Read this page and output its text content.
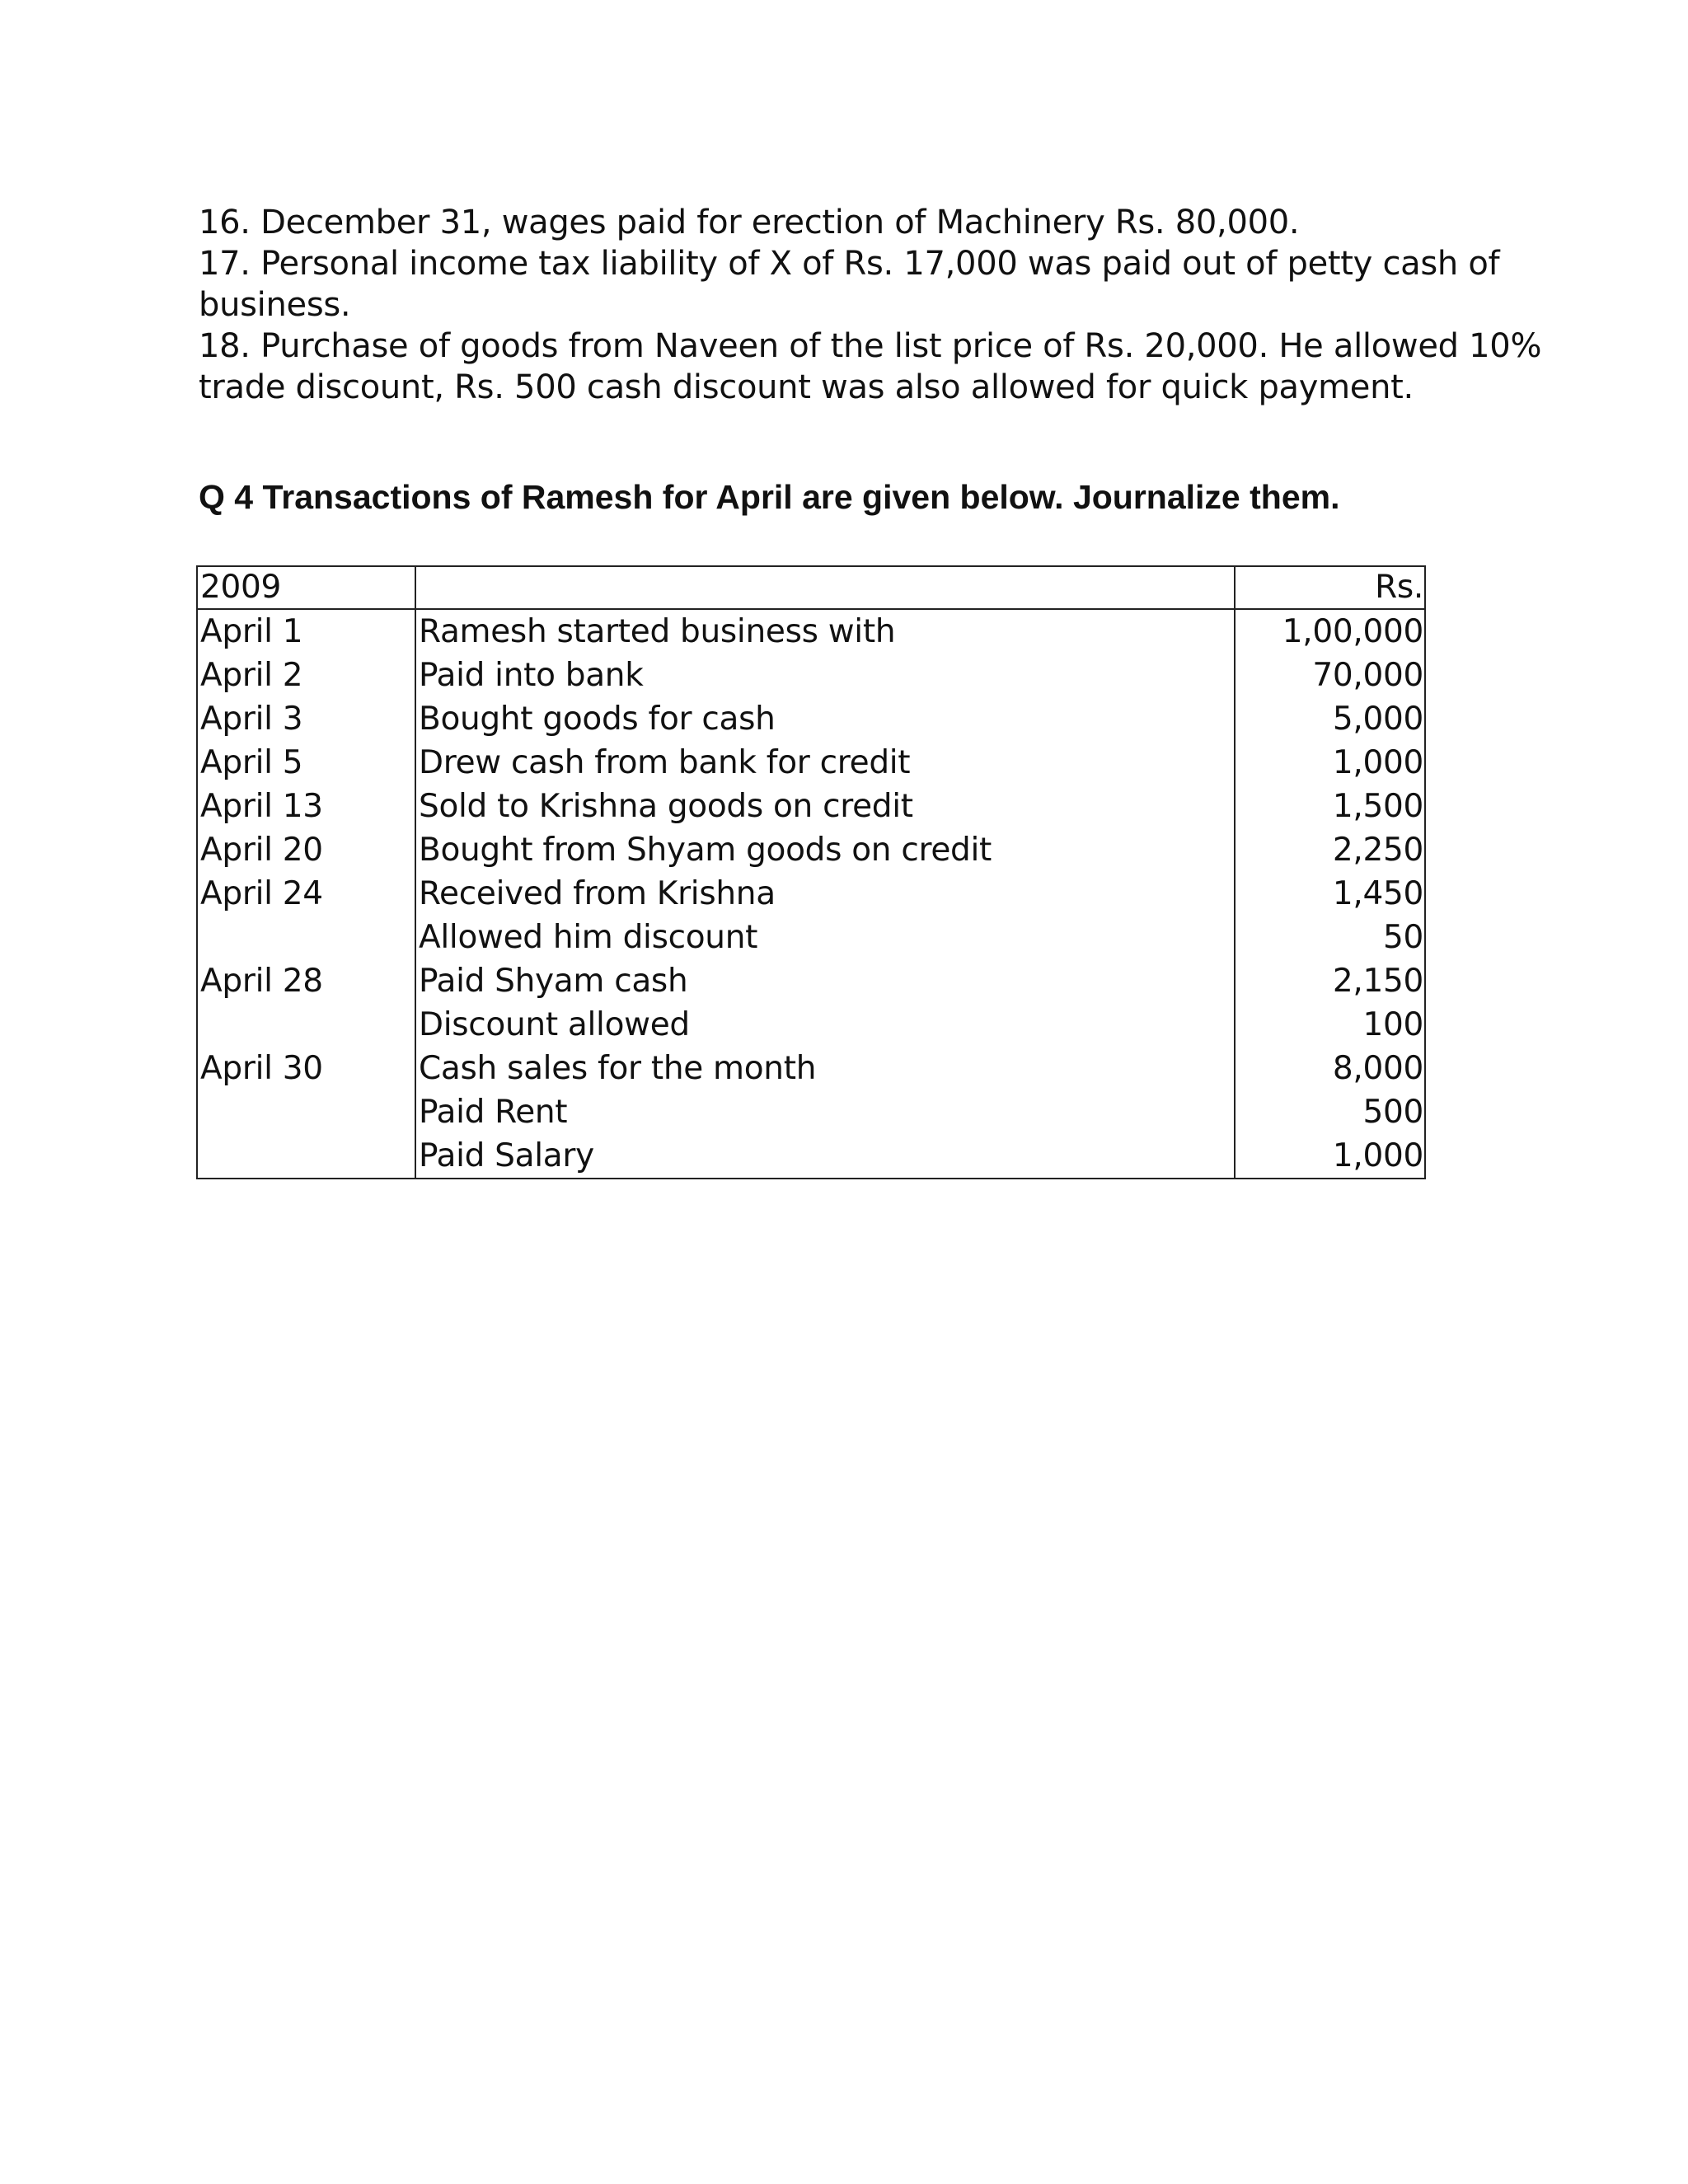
16. December 31, wages paid for erection of Machinery Rs. 80,000.
17. Personal income tax liability of X of Rs. 17,000 was paid out of petty cash of
business.
18. Purchase of goods from Naveen of the list price of Rs. 20,000. He allowed 10%
trade discount, Rs. 500 cash discount was also allowed for quick payment.
Q 4 Transactions of Ramesh for April are given below. Journalize them.
2009		Rs.
April 1	Ramesh started business with	1,00,000
April 2	Paid into bank	70,000
April 3	Bought goods for cash	5,000
April 5	Drew cash from bank for credit	1,000
April 13	Sold to Krishna goods on credit	1,500
April 20	Bought from Shyam goods on credit	2,250
April 24	Received from Krishna	1,450
	Allowed him discount	50
April 28	Paid Shyam cash	2,150
	Discount allowed	100
April 30	Cash sales for the month	8,000
	Paid Rent	500
	Paid Salary	1,000
